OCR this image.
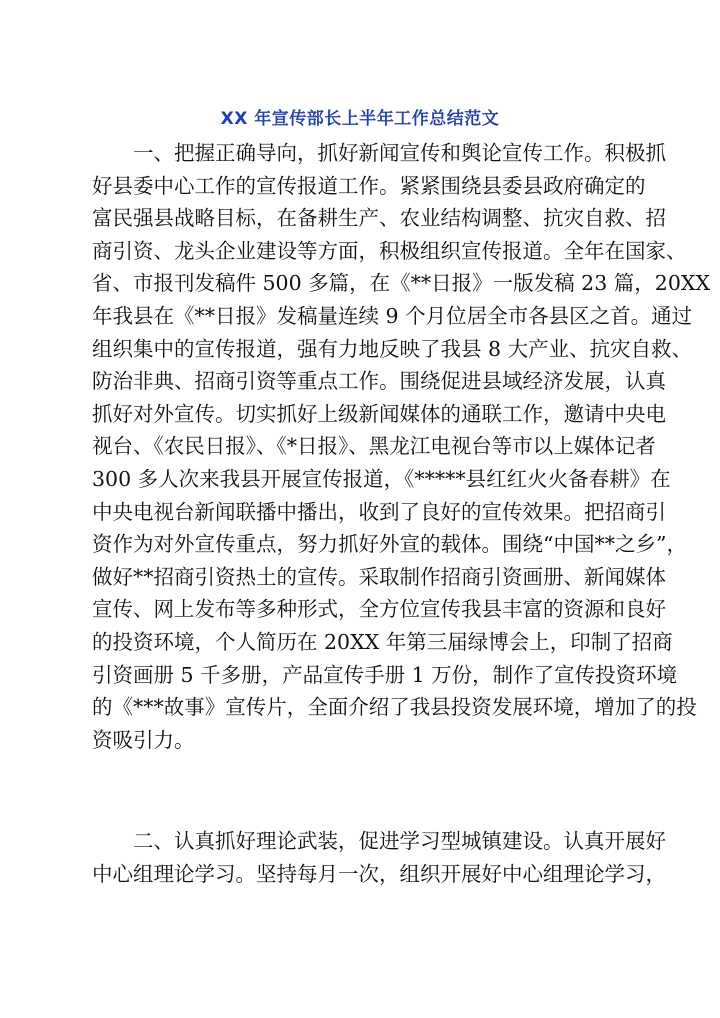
XX 年宣传部长上半年工作总结范文
　　一、把握正确导向，抓好新闻宣传和舆论宣传工作。积极抓
好县委中心工作的宣传报道工作。紧紧围绕县委县政府确定的
富民强县战略目标，在备耕生产、农业结构调整、抗灾自救、招
商引资、龙头企业建设等方面，积极组织宣传报道。全年在国家、
省、市报刊发稿件 500 多篇，在《**日报》一版发稿 23 篇，20XX
年我县在《**日报》发稿量连续 9 个月位居全市各县区之首。通过
组织集中的宣传报道，强有力地反映了我县 8 大产业、抗灾自救、
防治非典、招商引资等重点工作。围绕促进县域经济发展，认真
抓好对外宣传。切实抓好上级新闻媒体的通联工作，邀请中央电
视台、《农民日报》、《*日报》、黑龙江电视台等市以上媒体记者
300 多人次来我县开展宣传报道，《*****县红红火火备春耕》在
中央电视台新闻联播中播出，收到了良好的宣传效果。把招商引
资作为对外宣传重点，努力抓好外宣的载体。围绕“中国**之乡”，
做好**招商引资热土的宣传。采取制作招商引资画册、新闻媒体
宣传、网上发布等多种形式，全方位宣传我县丰富的资源和良好
的投资环境，个人简历在 20XX 年第三届绿博会上，印制了招商
引资画册 5 千多册，产品宣传手册 1 万份，制作了宣传投资环境
的《***故事》宣传片，全面介绍了我县投资发展环境，增加了的投
资吸引力。
　　二、认真抓好理论武装，促进学习型城镇建设。认真开展好
中心组理论学习。坚持每月一次，组织开展好中心组理论学习，
